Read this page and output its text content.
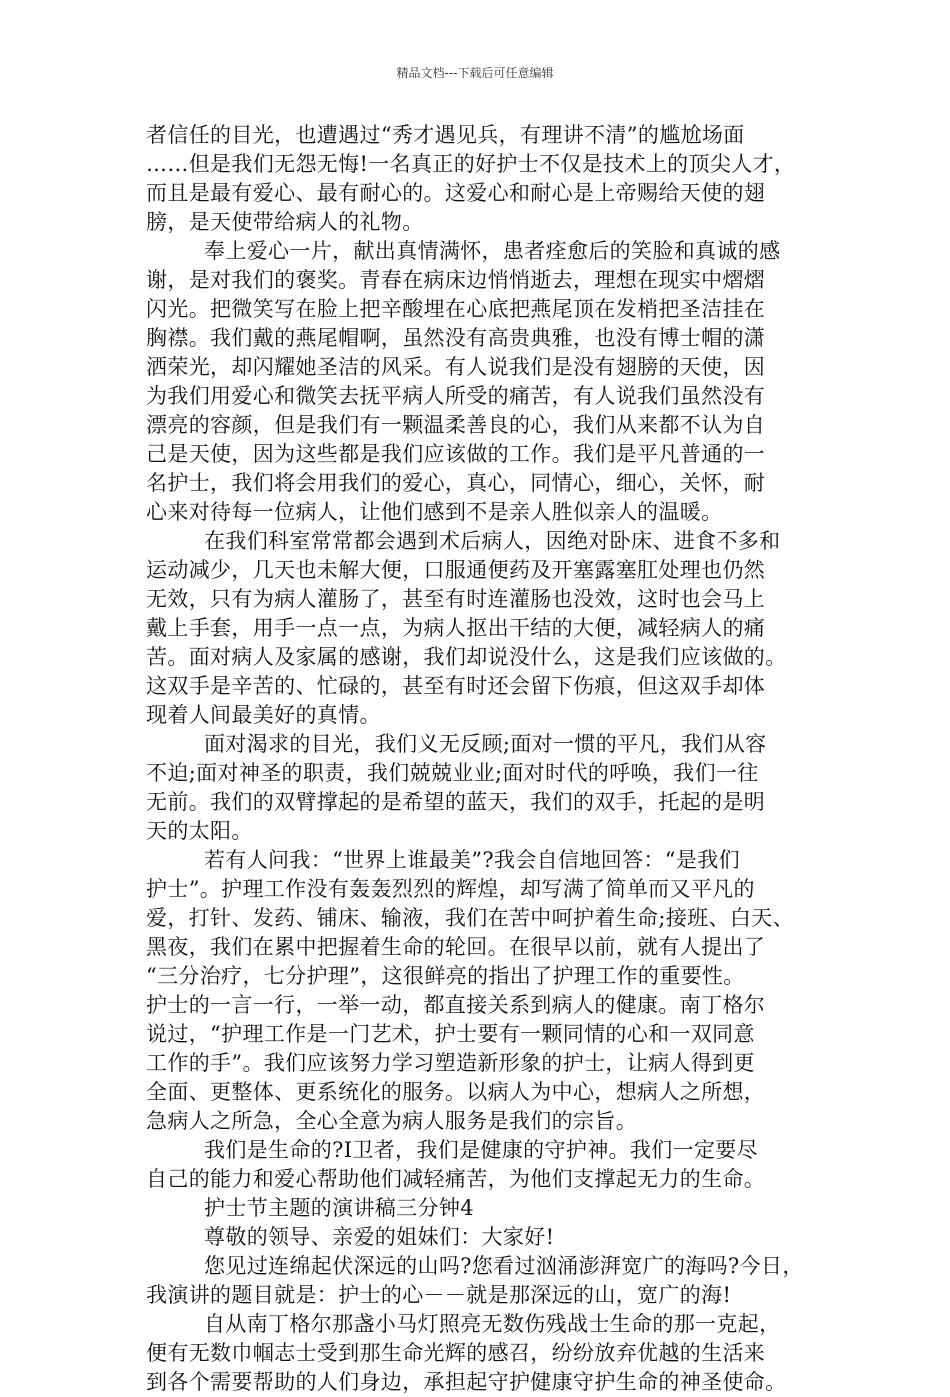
精品文档---下载后可任意编辑
者信任的目光，也遭遇过“秀才遇见兵，有理讲不清”的尴尬场面
……但是我们无怨无悔!一名真正的好护士不仅是技术上的顶尖人才，
而且是最有爱心、最有耐心的。这爱心和耐心是上帝赐给天使的翅
膀，是天使带给病人的礼物。
奉上爱心一片，献出真情满怀，患者痊愈后的笑脸和真诚的感
谢，是对我们的褒奖。青春在病床边悄悄逝去，理想在现实中熠熠
闪光。把微笑写在脸上把辛酸埋在心底把燕尾顶在发梢把圣洁挂在
胸襟。我们戴的燕尾帽啊，虽然没有高贵典雅，也没有博士帽的潇
洒荣光，却闪耀她圣洁的风采。有人说我们是没有翅膀的天使，因
为我们用爱心和微笑去抚平病人所受的痛苦，有人说我们虽然没有
漂亮的容颜，但是我们有一颗温柔善良的心，我们从来都不认为自
己是天使，因为这些都是我们应该做的工作。我们是平凡普通的一
名护士，我们将会用我们的爱心，真心，同情心，细心，关怀，耐
心来对待每一位病人，让他们感到不是亲人胜似亲人的温暖。
在我们科室常常都会遇到术后病人，因绝对卧床、进食不多和
运动减少，几天也未解大便，口服通便药及开塞露塞肛处理也仍然
无效，只有为病人灌肠了，甚至有时连灌肠也没效，这时也会马上
戴上手套，用手一点一点，为病人抠出干结的大便，减轻病人的痛
苦。面对病人及家属的感谢，我们却说没什么，这是我们应该做的。
这双手是辛苦的、忙碌的，甚至有时还会留下伤痕，但这双手却体
现着人间最美好的真情。
面对渴求的目光，我们义无反顾;面对一惯的平凡，我们从容
不迫;面对神圣的职责，我们兢兢业业;面对时代的呼唤，我们一往
无前。我们的双臂撑起的是希望的蓝天，我们的双手，托起的是明
天的太阳。
若有人问我：“世界上谁最美”?我会自信地回答：“是我们
护士”。护理工作没有轰轰烈烈的辉煌，却写满了简单而又平凡的
爱，打针、发药、铺床、输液，我们在苦中呵护着生命;接班、白天、
黑夜，我们在累中把握着生命的轮回。在很早以前，就有人提出了
“三分治疗，七分护理”，这很鲜亮的指出了护理工作的重要性。
护士的一言一行，一举一动，都直接关系到病人的健康。南丁格尔
说过，“护理工作是一门艺术，护士要有一颗同情的心和一双同意
工作的手”。我们应该努力学习塑造新形象的护士，让病人得到更
全面、更整体、更系统化的服务。以病人为中心，想病人之所想，
急病人之所急，全心全意为病人服务是我们的宗旨。
我们是生命的?I卫者，我们是健康的守护神。我们一定要尽
自己的能力和爱心帮助他们减轻痛苦，为他们支撑起无力的生命。
护士节主题的演讲稿三分钟4
尊敬的领导、亲爱的姐妹们：大家好!
您见过连绵起伏深远的山吗?您看过汹涌澎湃宽广的海吗?今日，
我演讲的题目就是：护士的心－－就是那深远的山，宽广的海!
自从南丁格尔那盏小马灯照亮无数伤残战士生命的那一克起，
便有无数巾帼志士受到那生命光辉的感召，纷纷放弃优越的生活来
到各个需要帮助的人们身边，承担起守护健康守护生命的神圣使命。
